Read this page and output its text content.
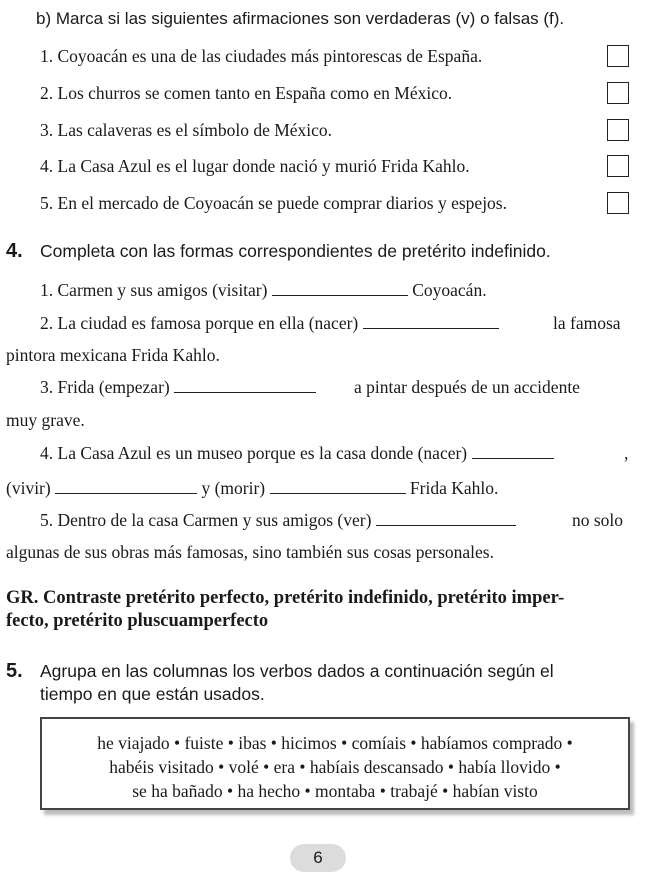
b) Marca si las siguientes afirmaciones son verdaderas (v) o falsas (f).
1. Coyoacán es una de las ciudades más pintorescas de España.
2. Los churros se comen tanto en España como en México.
3. Las calaveras es el símbolo de México.
4. La Casa Azul es el lugar donde nació y murió Frida Kahlo.
5. En el mercado de Coyoacán se puede comprar diarios y espejos.
4. Completa con las formas correspondientes de pretérito indefinido.
1. Carmen y sus amigos (visitar)	Coyoacán.
2. La ciudad es famosa porque en ella (nacer)	la famosa
pintora mexicana Frida Kahlo.
3. Frida (empezar)	a pintar después de un accidente
muy grave.
4. La Casa Azul es un museo porque es la casa donde (nacer)	,
(vivir)	y (morir)	Frida Kahlo.
5. Dentro de la casa Carmen y sus amigos (ver)	no solo
algunas de sus obras más famosas, sino también sus cosas personales.
GR. Contraste pretérito perfecto, pretérito indefinido, pretérito imper-
fecto, pretérito pluscuamperfecto
5. Agrupa en las columnas los verbos dados a continuación según el
tiempo en que están usados.
he viajado • fuiste • ibas • hicimos • comíais • habíamos comprado •
habéis visitado • volé • era • habíais descansado • había llovido •
se ha bañado • ha hecho • montaba • trabajé • habían visto
6
